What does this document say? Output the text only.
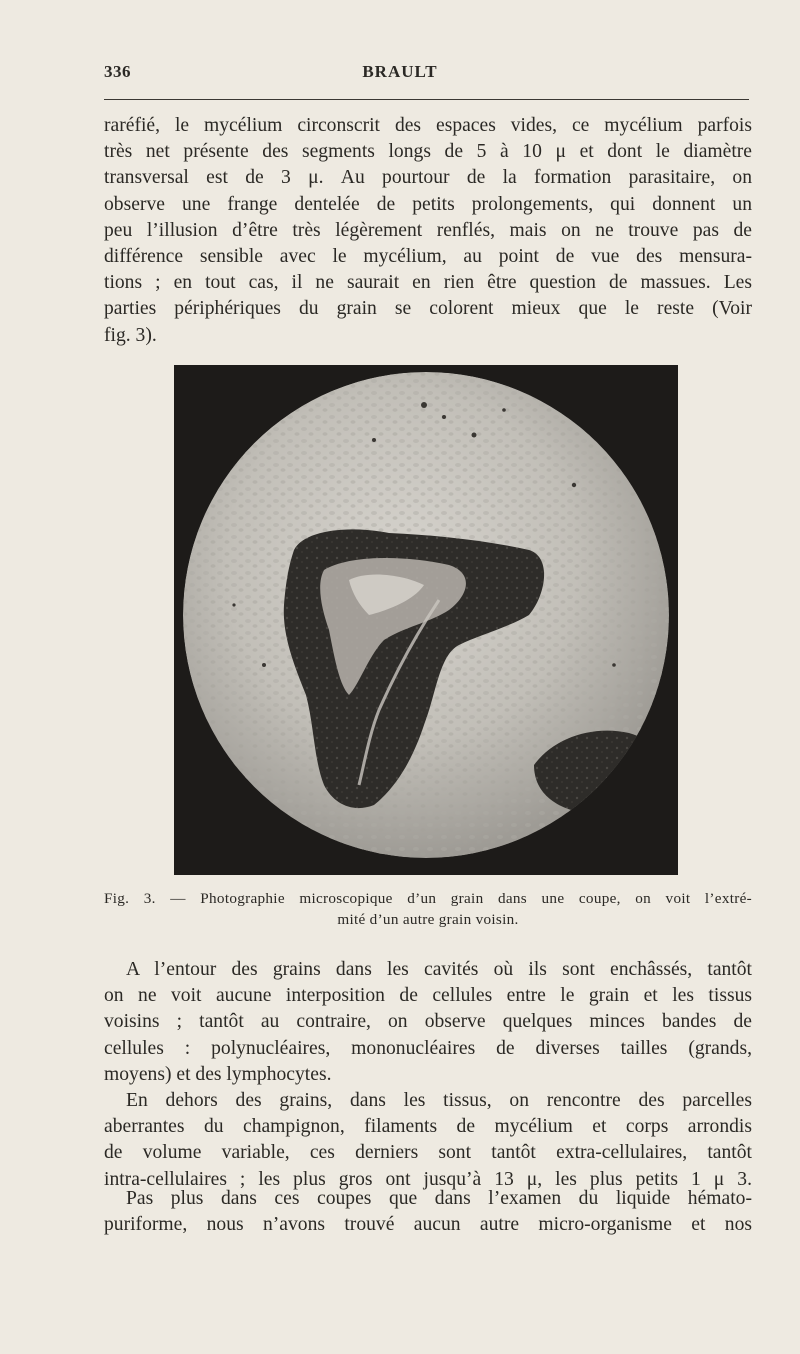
336	BRAULT
raréfié, le mycélium circonscrit des espaces vides, ce mycélium parfois
très net présente des segments longs de 5 à 10 μ et dont le diamètre
transversal est de 3 μ. Au pourtour de la formation parasitaire, on
observe une frange dentelée de petits prolongements, qui donnent un
peu l’illusion d’être très légèrement renflés, mais on ne trouve pas de
différence sensible avec le mycélium, au point de vue des mensura-
tions ; en tout cas, il ne saurait en rien être question de massues. Les
parties périphériques du grain se colorent mieux que le reste (Voir
fig. 3).
Fig. 3. — Photographie microscopique d’un grain dans une coupe, on voit l’extré-
mité d’un autre grain voisin.
A l’entour des grains dans les cavités où ils sont enchâssés, tantôt
on ne voit aucune interposition de cellules entre le grain et les tissus
voisins ; tantôt au contraire, on observe quelques minces bandes de
cellules : polynucléaires, mononucléaires de diverses tailles (grands,
moyens) et des lymphocytes.
En dehors des grains, dans les tissus, on rencontre des parcelles
aberrantes du champignon, filaments de mycélium et corps arrondis
de volume variable, ces derniers sont tantôt extra-cellulaires, tantôt
intra-cellulaires ; les plus gros ont jusqu’à 13 μ, les plus petits 1 μ 3.
Pas plus dans ces coupes que dans l’examen du liquide hémato-
puriforme, nous n’avons trouvé aucun autre micro-organisme et nos
